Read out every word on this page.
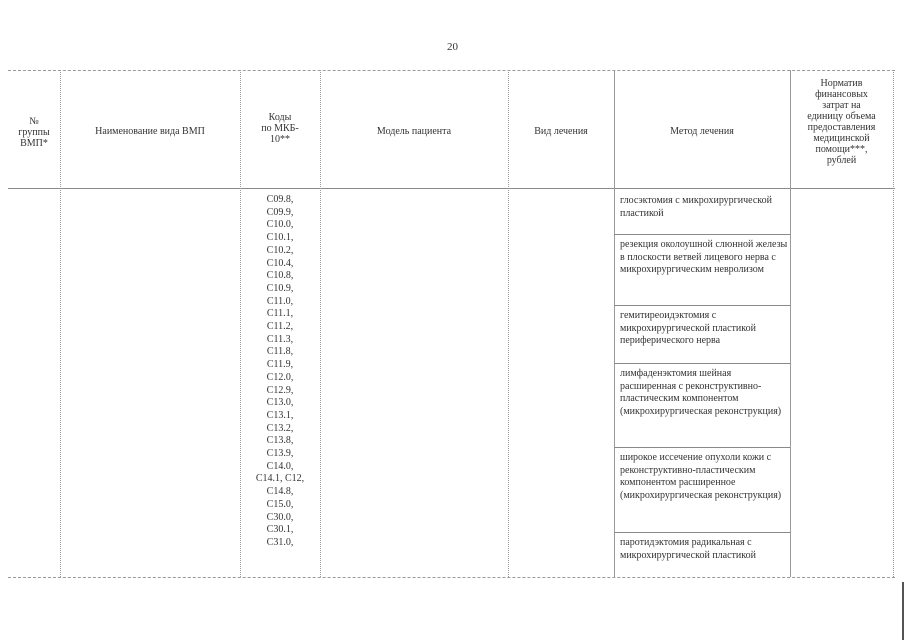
20
№
группы
ВМП*
Наименование вида ВМП
Коды
по МКБ-
10**
Модель пациента	Вид лечения	Метод лечения
Норматив
финансовых
затрат на
единицу объема
предоставления
медицинской
помощи***,
рублей
C09.8,
C09.9,
C10.0,
C10.1,
C10.2,
C10.4,
C10.8,
C10.9,
C11.0,
C11.1,
C11.2,
C11.3,
C11.8,
C11.9,
C12.0,
C12.9,
C13.0,
C13.1,
C13.2,
C13.8,
C13.9,
C14.0,
C14.1, C12,
C14.8,
C15.0,
C30.0,
C30.1,
C31.0,
глосэктомия с микрохирургической пластикой
резекция околоушной слюнной железы в плоскости ветвей лицевого нерва с микрохирургическим невролизом
гемитиреоидэктомия с микрохирургической пластикой периферического нерва
лимфаденэктомия шейная расширенная с реконструктивно-пластическим компонентом (микрохирургическая реконструкция)
широкое иссечение опухоли кожи с реконструктивно-пластическим компонентом расширенное (микрохирургическая реконструкция)
паротидэктомия радикальная с микрохирургической пластикой
